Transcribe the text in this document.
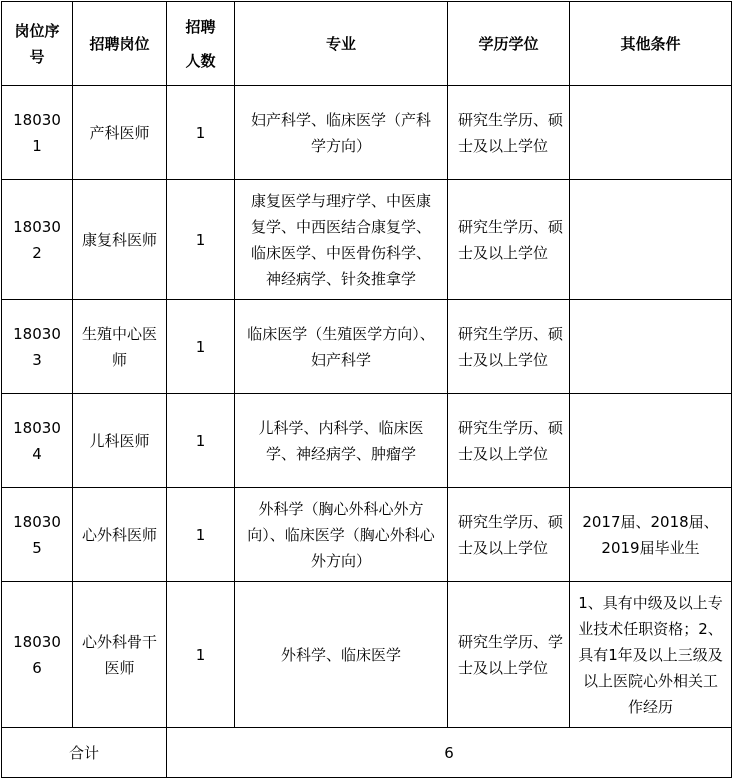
岗位序号	招聘岗位	招聘人数	专业	学历学位	其他条件
180301	产科医师	1	妇产科学、临床医学（产科学方向）	研究生学历、硕士及以上学位	
180302	康复科医师	1	康复医学与理疗学、中医康复学、中西医结合康复学、临床医学、中医骨伤科学、神经病学、针灸推拿学	研究生学历、硕士及以上学位	
180303	生殖中心医师	1	临床医学（生殖医学方向）、妇产科学	研究生学历、硕士及以上学位	
180304	儿科医师	1	儿科学、内科学、临床医学、神经病学、肿瘤学	研究生学历、硕士及以上学位	
180305	心外科医师	1	外科学（胸心外科心外方向）、临床医学（胸心外科心外方向）	研究生学历、硕士及以上学位	2017届、2018届、2019届毕业生
180306	心外科骨干医师	1	外科学、临床医学	研究生学历、学士及以上学位	1、具有中级及以上专业技术任职资格；2、具有1年及以上三级及以上医院心外相关工作经历
合计		6			
